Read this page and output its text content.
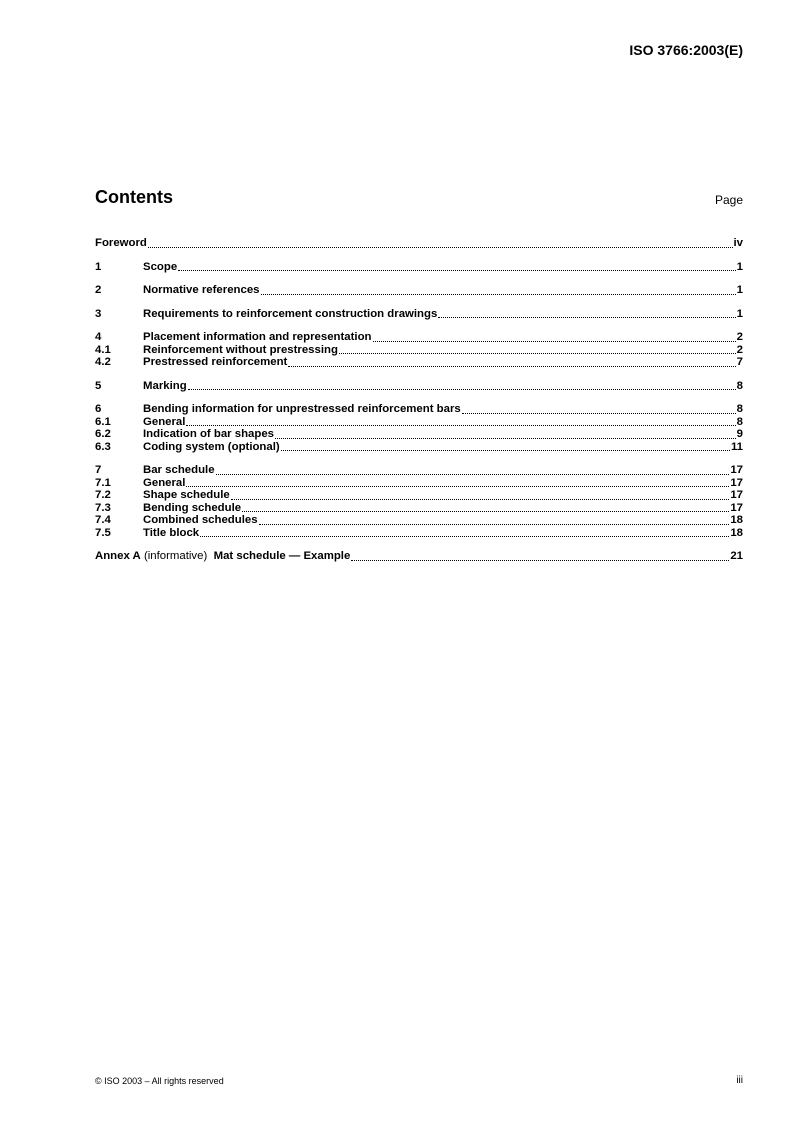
ISO 3766:2003(E)
Contents	Page
Foreword	iv
1	Scope	1
2	Normative references	1
3	Requirements to reinforcement construction drawings	1
4	Placement information and representation	2
4.1	Reinforcement without prestressing	2
4.2	Prestressed reinforcement	7
5	Marking	8
6	Bending information for unprestressed reinforcement bars	8
6.1	General	8
6.2	Indication of bar shapes	9
6.3	Coding system (optional)	11
7	Bar schedule	17
7.1	General	17
7.2	Shape schedule	17
7.3	Bending schedule	17
7.4	Combined schedules	18
7.5	Title block	18
Annex A (informative) Mat schedule — Example	21
© ISO 2003 – All rights reserved	iii
